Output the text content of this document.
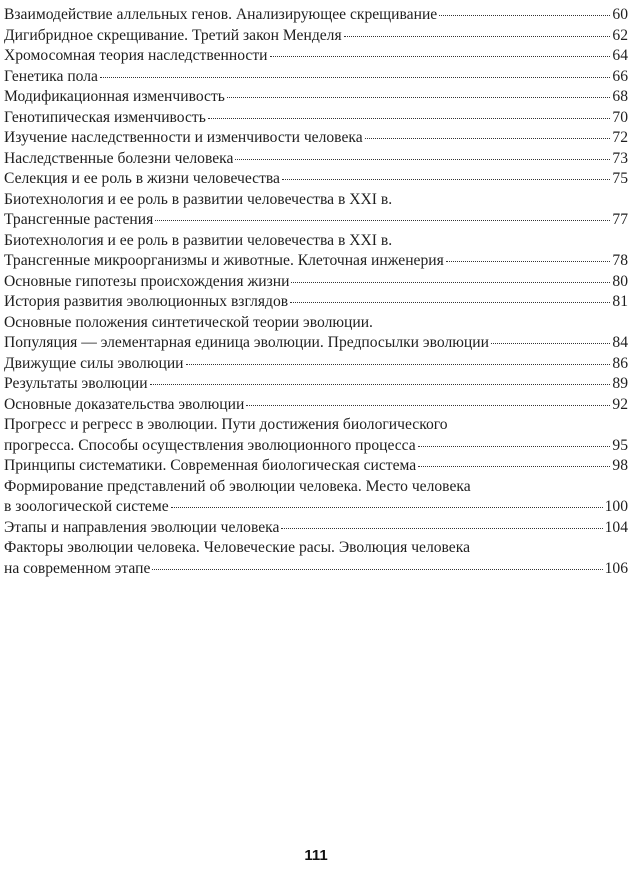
Взаимодействие аллельных генов. Анализирующее скрещивание	60
Дигибридное скрещивание. Третий закон Менделя	62
Хромосомная теория наследственности	64
Генетика пола	66
Модификационная изменчивость	68
Генотипическая изменчивость	70
Изучение наследственности и изменчивости человека	72
Наследственные болезни человека	73
Селекция и ее роль в жизни человечества	75
Биотехнология и ее роль в развитии человечества в XXI в.
Трансгенные растения	77
Биотехнология и ее роль в развитии человечества в XXI в.
Трансгенные микроорганизмы и животные. Клеточная инженерия	78
Основные гипотезы происхождения жизни	80
История развития эволюционных взглядов	81
Основные положения синтетической теории эволюции.
Популяция — элементарная единица эволюции. Предпосылки эволюции	84
Движущие силы эволюции	86
Результаты эволюции	89
Основные доказательства эволюции	92
Прогресс и регресс в эволюции. Пути достижения биологического
прогресса. Способы осуществления эволюционного процесса	95
Принципы систематики. Современная биологическая система	98
Формирование представлений об эволюции человека. Место человека
в зоологической системе	100
Этапы и направления эволюции человека	104
Факторы эволюции человека. Человеческие расы. Эволюция человека
на современном этапе	106
111
